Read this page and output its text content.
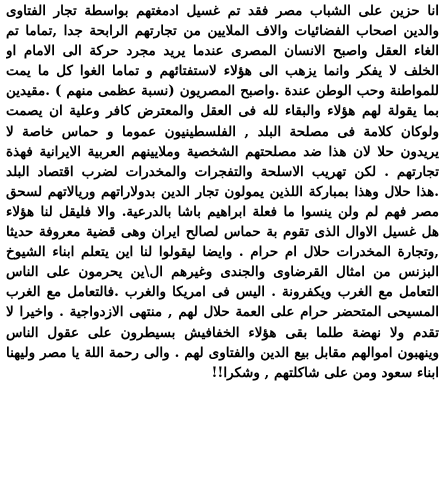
انا حزين على الشباب مصر فقد تم غسيل ادمغتهم بواسطة تجار الفتاوى
والدين اصحاب الفضائيات والاف الملايين من تجارتهم الرابحة جدا ,تماما تم
الغاء العقل واصبح الانسان المصرى عندما يريد مجرد حركة الى الامام او
الخلف لا يفكر وانما يزهب الى هؤلاء لاستفتائهم و تماما الغوا كل ما يمت
للمواطنة وحب الوطن عندة .واصبح المصريون (نسبة عظمى منهم ) .مقيدين
بما يقولة لهم هؤلاء والبقاء لله فى العقل والمعترض كافر وعلية ان يصمت
ولوكان كلامة فى مصلحة البلد , الفلسطينيون عموما و حماس خاصة لا
يريدون حلا لان هذا ضد مصلحتهم الشخصية وملايينهم العربية الايرانية فهذة
تجارتهم . لكن تهريب الاسلحة والتفجرات والمخدرات لضرب اقتصاد البلد
.هذا حلال وهذا بمباركة اللذين يمولون تجار الدين بدولاراتهم وريالاتهم لسحق
مصر فهم لم ولن ينسوا ما فعلة ابراهيم باشا بالدرعية. والا فليقل لنا هؤلاء
هل غسيل الاوال الذى تقوم بة حماس لصالح ايران وهى قضية معروفة حديثا
,وتجارة المخدرات حلال ام حرام . وايضا ليقولوا لنا اين يتعلم ابناء الشيوخ
البزنس من امثال القرضاوى والجندى وغيرهم ال\ين يحرمون على الناس
التعامل مع الغرب ويكفرونة . اليس فى امريكا والغرب .فالتعامل مع الغرب
المسيحى المتحضر حرام على العمة حلال لهم , منتهى الازدواجية . واخيرا لا
تقدم ولا نهضة طلما بقى هؤلاء الخفافيش بسيطرون على عقول الناس
وينهبون اموالهم مقابل بيع الدين والفتاوى لهم . والى رحمة اللة يا مصر وليهنا
ابناء سعود ومن على شاكلتهم , وشكرا!!
